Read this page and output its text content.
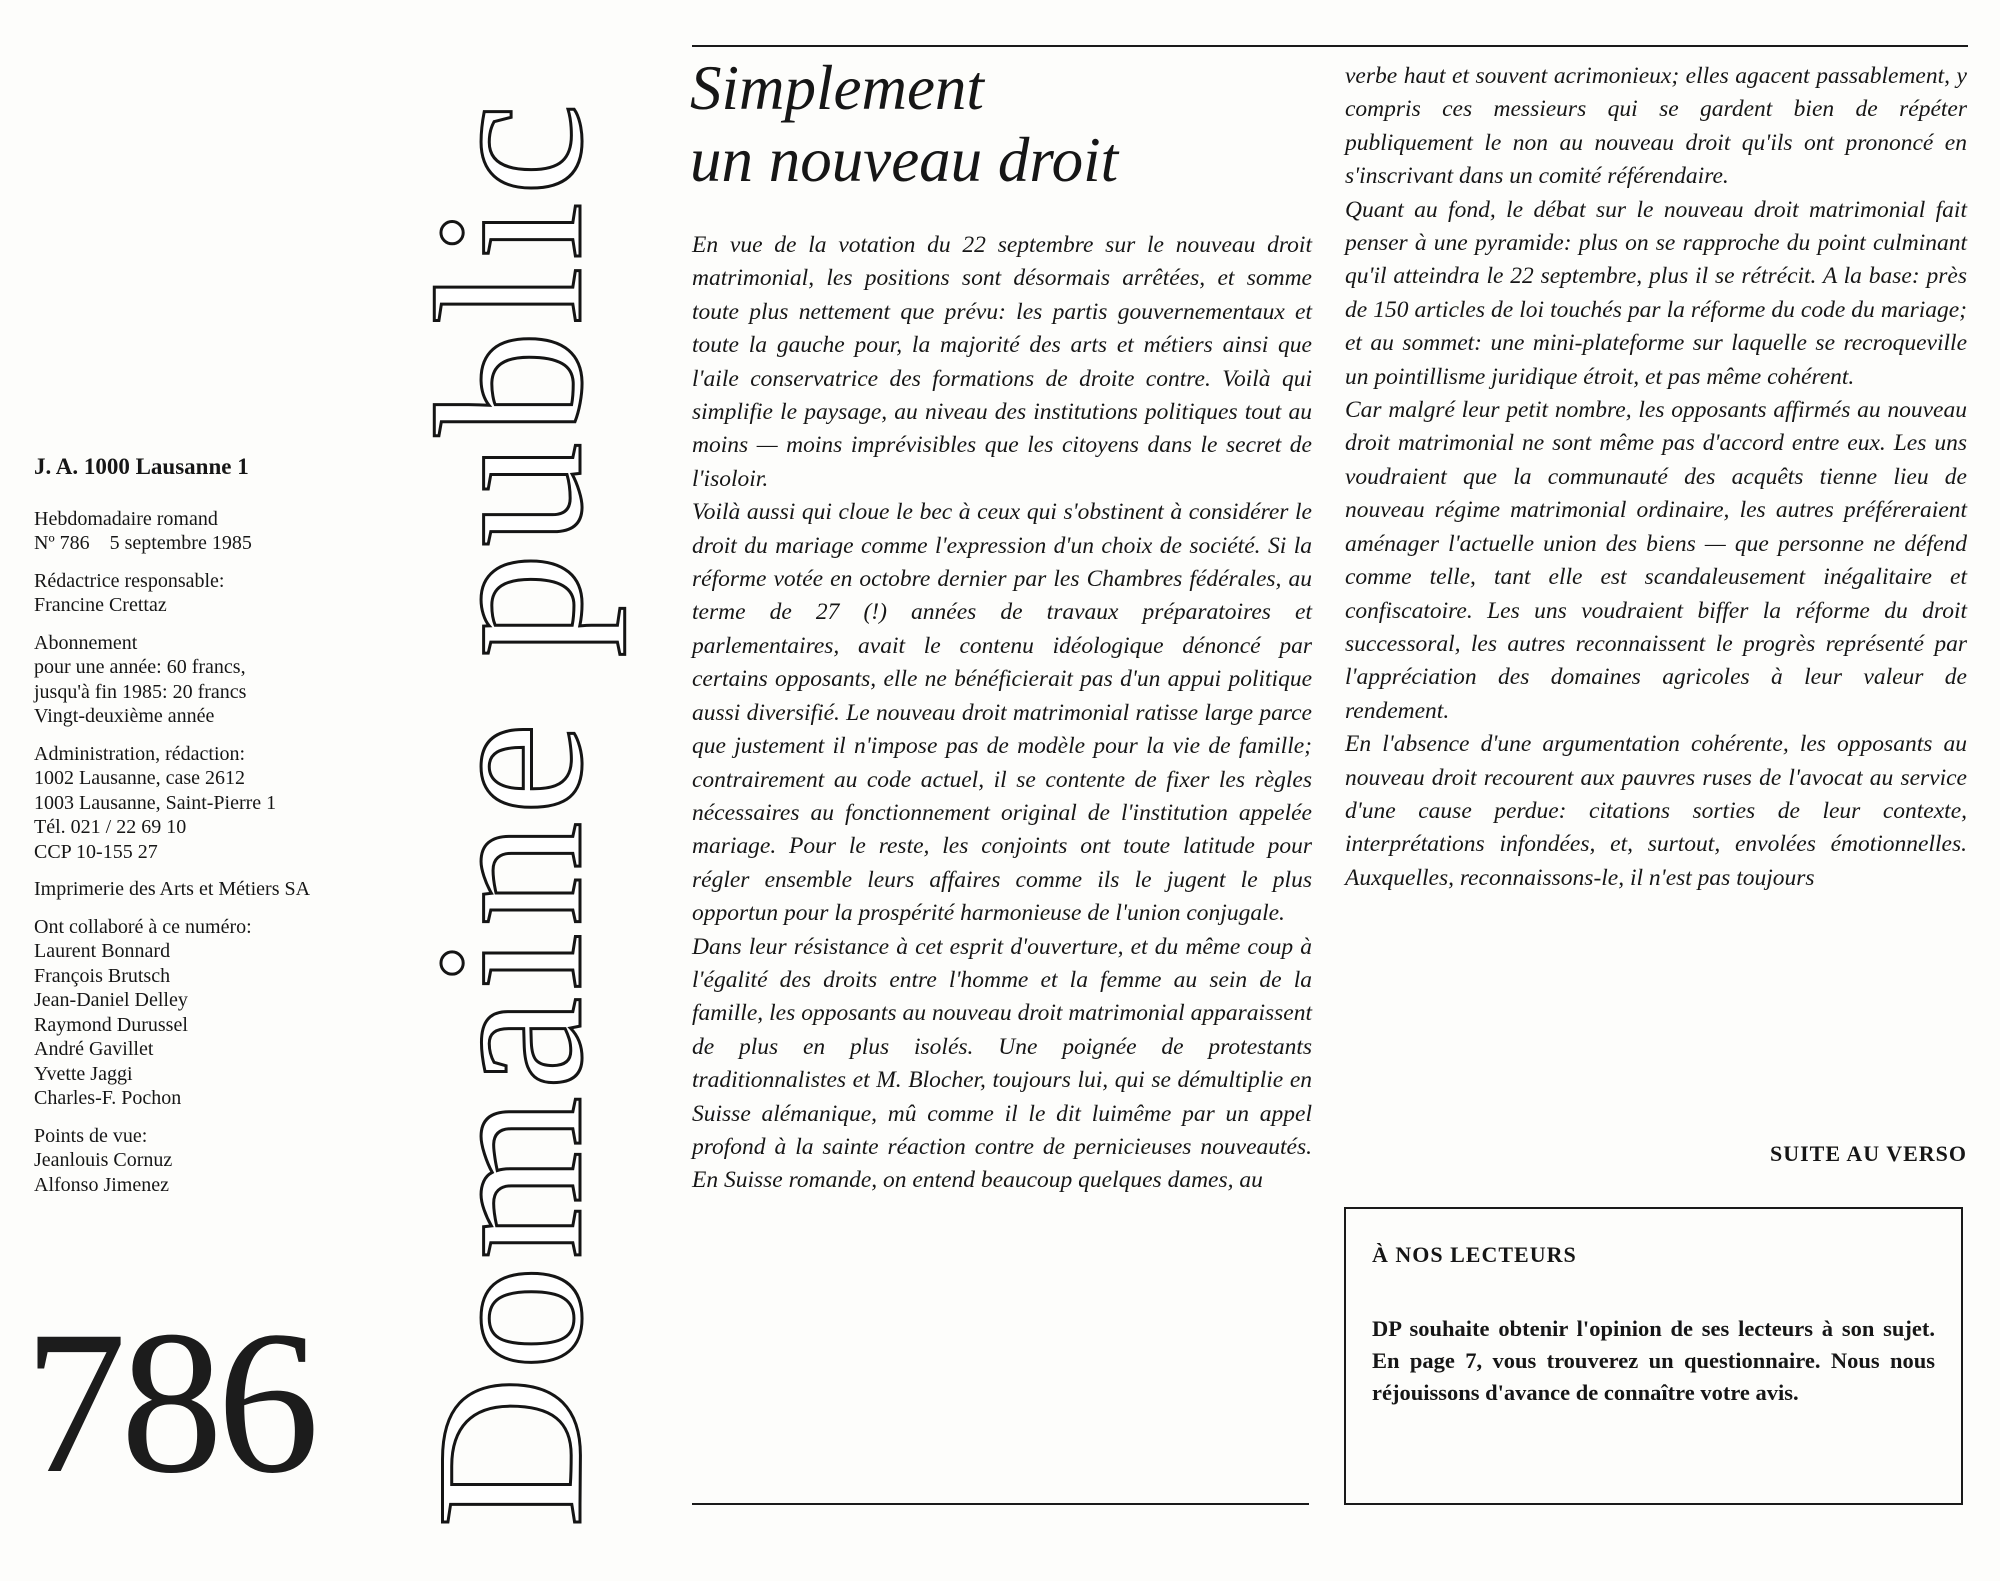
J. A. 1000 Lausanne 1

Hebdomadaire romand
Nº 786    5 septembre 1985

Rédactrice responsable:
Francine Crettaz

Abonnement
pour une année: 60 francs,
jusqu'à fin 1985: 20 francs
Vingt-deuxième année

Administration, rédaction:
1002 Lausanne, case 2612
1003 Lausanne, Saint-Pierre 1
Tél. 021 / 22 69 10
CCP 10-155 27

Imprimerie des Arts et Métiers SA

Ont collaboré à ce numéro:
Laurent Bonnard
François Brutsch
Jean-Daniel Delley
Raymond Durussel
André Gavillet
Yvette Jaggi
Charles-F. Pochon

Points de vue:
Jeanlouis Cornuz
Alfonso Jimenez

786 Domaine public
Simplement
un nouveau droit

En vue de la votation du 22 septembre sur le nouveau droit matrimonial, les positions sont désormais arrêtées, et somme toute plus nettement que prévu: les partis gouvernementaux et toute la gauche pour, la majorité des arts et métiers ainsi que l'aile conservatrice des formations de droite contre. Voilà qui simplifie le paysage, au niveau des institutions politiques tout au moins — moins imprévisibles que les citoyens dans le secret de l'isoloir.

Voilà aussi qui cloue le bec à ceux qui s'obstinent à considérer le droit du mariage comme l'expression d'un choix de société. Si la réforme votée en octobre dernier par les Chambres fédérales, au terme de 27 (!) années de travaux préparatoires et parlementaires, avait le contenu idéologique dénoncé par certains opposants, elle ne bénéficierait pas d'un appui politique aussi diversifié. Le nouveau droit matrimonial ratisse large parce que justement il n'impose pas de modèle pour la vie de famille; contrairement au code actuel, il se contente de fixer les règles nécessaires au fonctionnement original de l'institution appelée mariage. Pour le reste, les conjoints ont toute latitude pour régler ensemble leurs affaires comme ils le jugent le plus opportun pour la prospérité harmonieuse de l'union conjugale.

Dans leur résistance à cet esprit d'ouverture, et du même coup à l'égalité des droits entre l'homme et la femme au sein de la famille, les opposants au nouveau droit matrimonial apparaissent de plus en plus isolés. Une poignée de protestants traditionnalistes et M. Blocher, toujours lui, qui se démultiplie en Suisse alémanique, mû comme il le dit luimême par un appel profond à la sainte réaction contre de pernicieuses nouveautés. En Suisse romande, on entend beaucoup quelques dames, au

verbe haut et souvent acrimonieux; elles agacent passablement, y compris ces messieurs qui se gardent bien de répéter publiquement le non au nouveau droit qu'ils ont prononcé en s'inscrivant dans un comité référendaire.

Quant au fond, le débat sur le nouveau droit matrimonial fait penser à une pyramide: plus on se rapproche du point culminant qu'il atteindra le 22 septembre, plus il se rétrécit. A la base: près de 150 articles de loi touchés par la réforme du code du mariage; et au sommet: une mini-plateforme sur laquelle se recroqueville un pointillisme juridique étroit, et pas même cohérent.

Car malgré leur petit nombre, les opposants affirmés au nouveau droit matrimonial ne sont même pas d'accord entre eux. Les uns voudraient que la communauté des acquêts tienne lieu de nouveau régime matrimonial ordinaire, les autres préféreraient aménager l'actuelle union des biens — que personne ne défend comme telle, tant elle est scandaleusement inégalitaire et confiscatoire. Les uns voudraient biffer la réforme du droit successoral, les autres reconnaissent le progrès représenté par l'appréciation des domaines agricoles à leur valeur de rendement.

En l'absence d'une argumentation cohérente, les opposants au nouveau droit recourent aux pauvres ruses de l'avocat au service d'une cause perdue: citations sorties de leur contexte, interprétations infondées, et, surtout, envolées émotionnelles. Auxquelles, reconnaissons-le, il n'est pas toujours

SUITE AU VERSO

À NOS LECTEURS

DP souhaite obtenir l'opinion de ses lecteurs à son sujet. En page 7, vous trouverez un questionnaire. Nous nous réjouissons d'avance de connaître votre avis.
